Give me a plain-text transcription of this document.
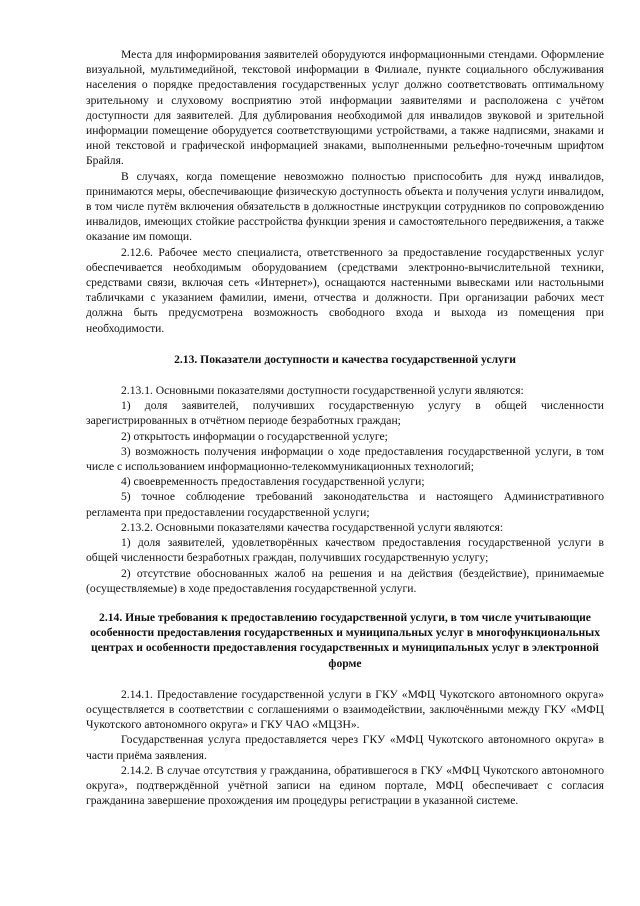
Места для информирования заявителей оборудуются информационными стендами. Оформление визуальной, мультимедийной, текстовой информации в Филиале, пункте социального обслуживания населения о порядке предоставления государственных услуг должно соответствовать оптимальному зрительному и слуховому восприятию этой информации заявителями и расположена с учётом доступности для заявителей. Для дублирования необходимой для инвалидов звуковой и зрительной информации помещение оборудуется соответствующими устройствами, а также надписями, знаками и иной текстовой и графической информацией знаками, выполненными рельефно-точечным шрифтом Брайля.

В случаях, когда помещение невозможно полностью приспособить для нужд инвалидов, принимаются меры, обеспечивающие физическую доступность объекта и получения услуги инвалидом, в том числе путём включения обязательств в должностные инструкции сотрудников по сопровождению инвалидов, имеющих стойкие расстройства функции зрения и самостоятельного передвижения, а также оказание им помощи.

2.12.6. Рабочее место специалиста, ответственного за предоставление государственных услуг обеспечивается необходимым оборудованием (средствами электронно-вычислительной техники, средствами связи, включая сеть «Интернет»), оснащаются настенными вывесками или настольными табличками с указанием фамилии, имени, отчества и должности. При организации рабочих мест должна быть предусмотрена возможность свободного входа и выхода из помещения при необходимости.

2.13. Показатели доступности и качества государственной услуги

2.13.1. Основными показателями доступности государственной услуги являются:

1) доля заявителей, получивших государственную услугу в общей численности зарегистрированных в отчётном периоде безработных граждан;

2) открытость информации о государственной услуге;

3) возможность получения информации о ходе предоставления государственной услуги, в том числе с использованием информационно-телекоммуникационных технологий;

4) своевременность предоставления государственной услуги;

5) точное соблюдение требований законодательства и настоящего Административного регламента при предоставлении государственной услуги;

2.13.2. Основными показателями качества государственной услуги являются:

1) доля заявителей, удовлетворённых качеством предоставления государственной услуги в общей численности безработных граждан, получивших государственную услугу;

2) отсутствие обоснованных жалоб на решения и на действия (бездействие), принимаемые (осуществляемые) в ходе предоставления государственной услуги.

2.14. Иные требования к предоставлению государственной услуги, в том числе учитывающие особенности предоставления государственных и муниципальных услуг в многофункциональных центрах и особенности предоставления государственных и муниципальных услуг в электронной форме

2.14.1. Предоставление государственной услуги в ГКУ «МФЦ Чукотского автономного округа» осуществляется в соответствии с соглашениями о взаимодействии, заключёнными между ГКУ «МФЦ Чукотского автономного округа» и ГКУ ЧАО «МЦЗН».

Государственная услуга предоставляется через ГКУ «МФЦ Чукотского автономного округа» в части приёма заявления.

2.14.2. В случае отсутствия у гражданина, обратившегося в ГКУ «МФЦ Чукотского автономного округа», подтверждённой учётной записи на едином портале, МФЦ обеспечивает с согласия гражданина завершение прохождения им процедуры регистрации в указанной системе.
